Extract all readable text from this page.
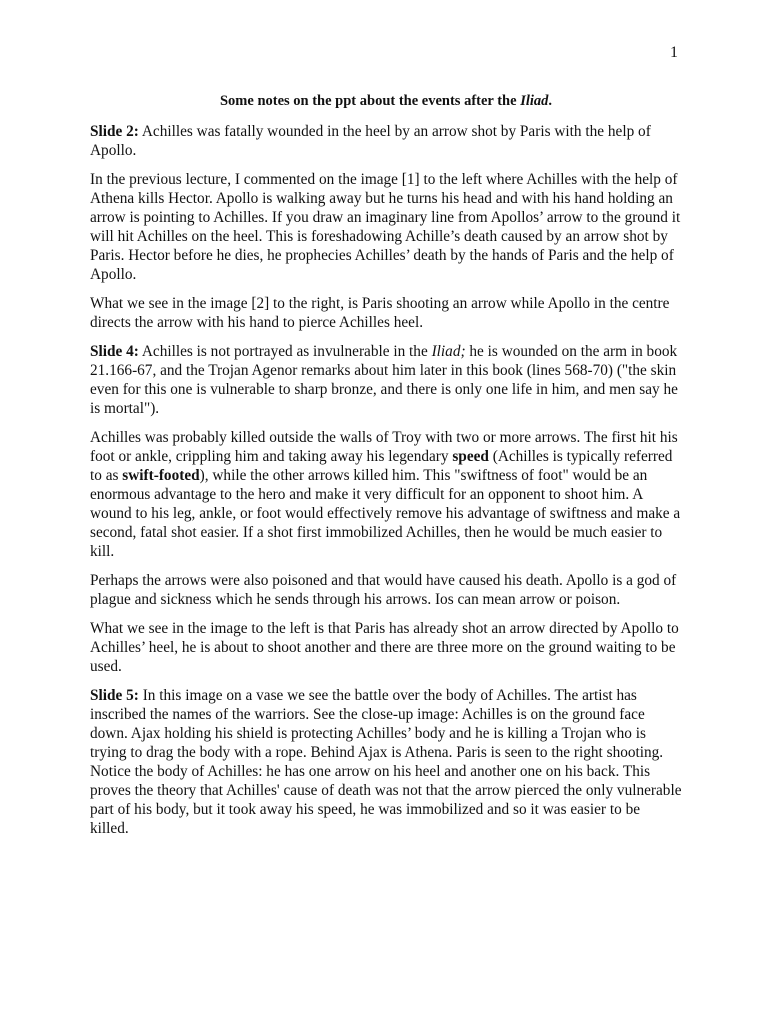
1
Some notes on the ppt about the events after the Iliad.

Slide 2: Achilles was fatally wounded in the heel by an arrow shot by Paris with the help of Apollo.

In the previous lecture, I commented on the image [1] to the left where Achilles with the help of Athena kills Hector. Apollo is walking away but he turns his head and with his hand holding an arrow is pointing to Achilles. If you draw an imaginary line from Apollos’ arrow to the ground it will hit Achilles on the heel. This is foreshadowing Achille’s death caused by an arrow shot by Paris. Hector before he dies, he prophecies Achilles’ death by the hands of Paris and the help of Apollo.

What we see in the image [2] to the right, is Paris shooting an arrow while Apollo in the centre directs the arrow with his hand to pierce Achilles heel.

Slide 4: Achilles is not portrayed as invulnerable in the Iliad; he is wounded on the arm in book 21.166-67, and the Trojan Agenor remarks about him later in this book (lines 568-70) ("the skin even for this one is vulnerable to sharp bronze, and there is only one life in him, and men say he is mortal").

Achilles was probably killed outside the walls of Troy with two or more arrows. The first hit his foot or ankle, crippling him and taking away his legendary speed (Achilles is typically referred to as swift-footed), while the other arrows killed him. This "swiftness of foot" would be an enormous advantage to the hero and make it very difficult for an opponent to shoot him. A wound to his leg, ankle, or foot would effectively remove his advantage of swiftness and make a second, fatal shot easier. If a shot first immobilized Achilles, then he would be much easier to kill.

Perhaps the arrows were also poisoned and that would have caused his death. Apollo is a god of plague and sickness which he sends through his arrows. Ios can mean arrow or poison.

What we see in the image to the left is that Paris has already shot an arrow directed by Apollo to Achilles’ heel, he is about to shoot another and there are three more on the ground waiting to be used.

Slide 5: In this image on a vase we see the battle over the body of Achilles. The artist has inscribed the names of the warriors. See the close-up image: Achilles is on the ground face down. Ajax holding his shield is protecting Achilles’ body and he is killing a Trojan who is trying to drag the body with a rope. Behind Ajax is Athena. Paris is seen to the right shooting. Notice the body of Achilles: he has one arrow on his heel and another one on his back. This proves the theory that Achilles' cause of death was not that the arrow pierced the only vulnerable part of his body, but it took away his speed, he was immobilized and so it was easier to be killed.
